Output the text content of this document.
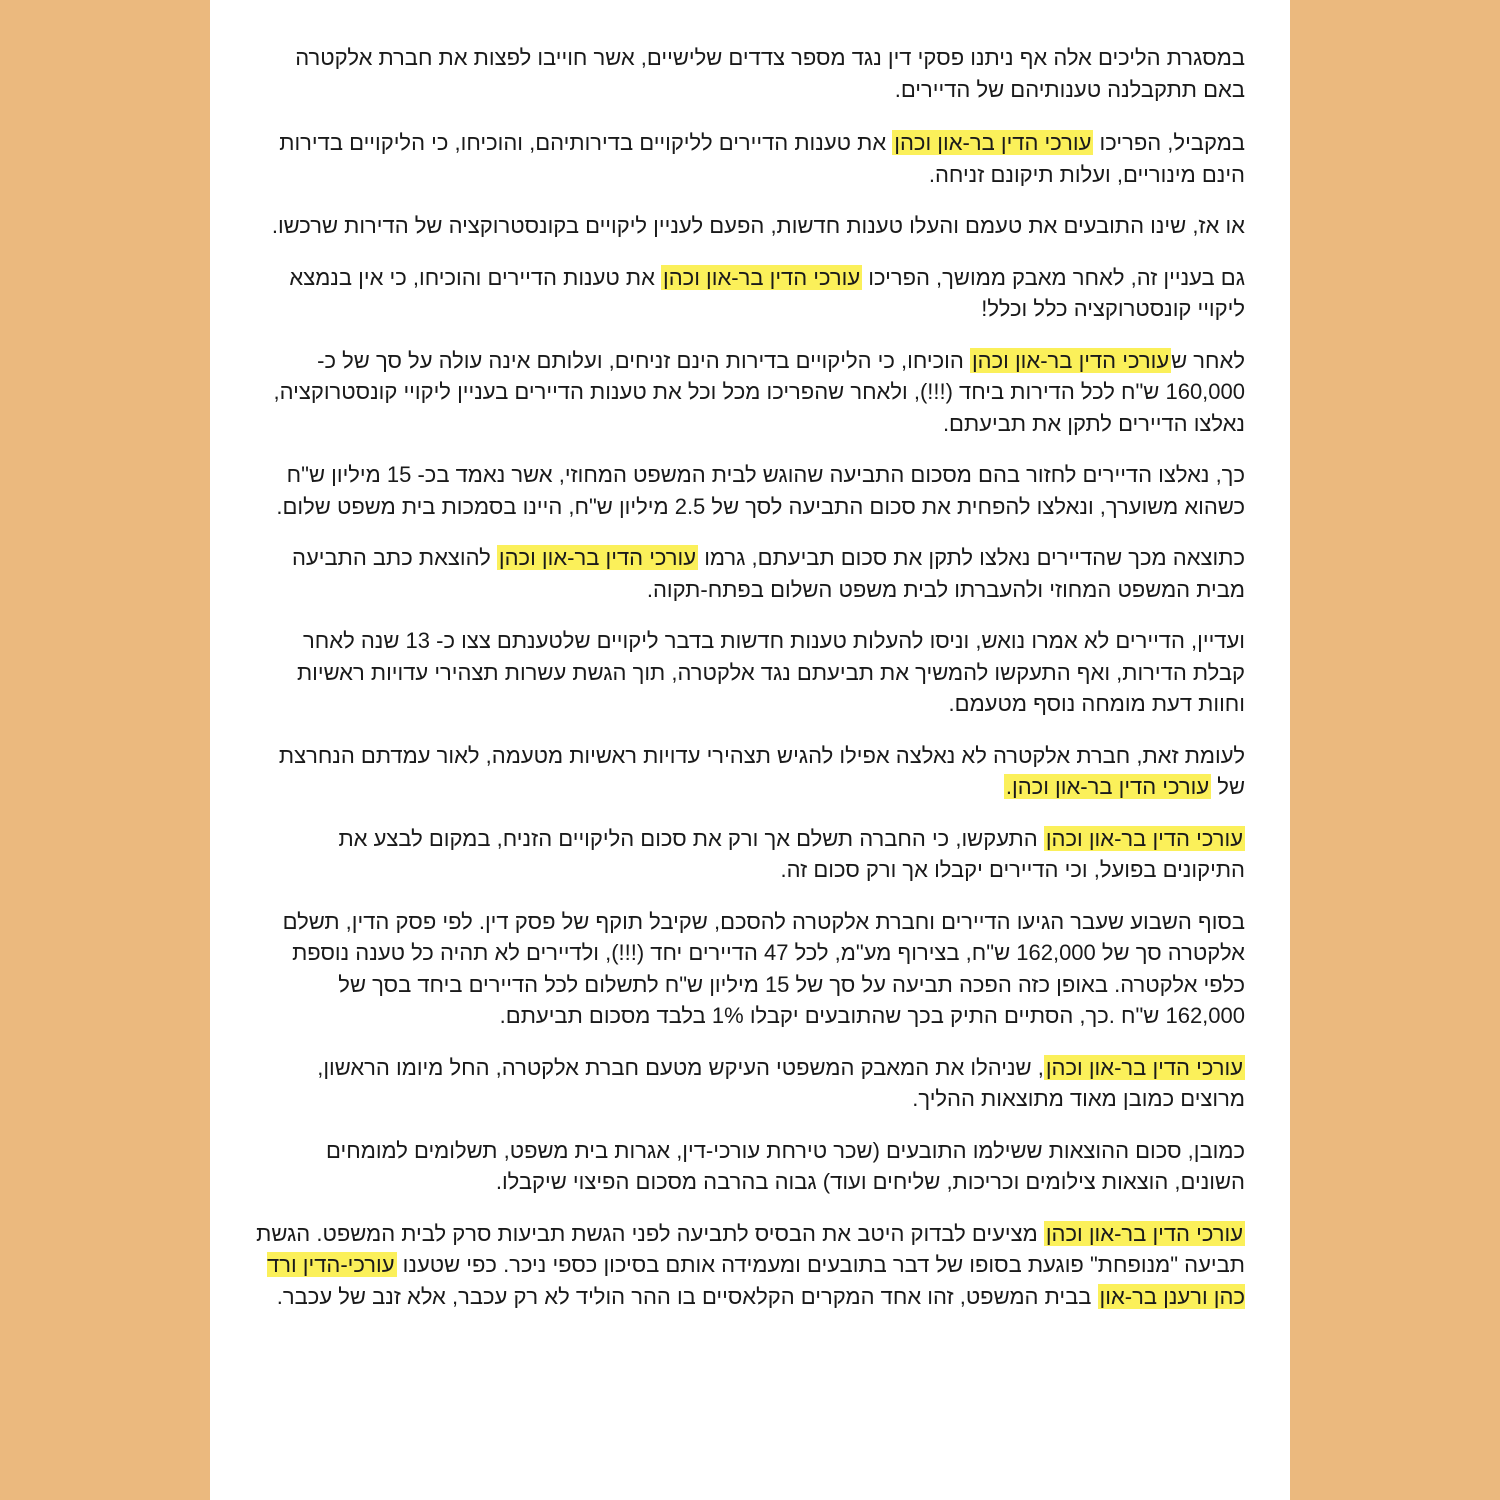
במסגרת הליכים אלה אף ניתנו פסקי דין נגד מספר צדדים שלישיים, אשר חוייבו לפצות את חברת אלקטרה באם תתקבלנה טענותיהם של הדיירים.

במקביל, הפריכו עורכי הדין בר-און וכהן את טענות הדיירים לליקויים בדירותיהם, והוכיחו, כי הליקויים בדירות הינם מינוריים, ועלות תיקונם זניחה.

או אז, שינו התובעים את טעמם והעלו טענות חדשות, הפעם לעניין ליקויים בקונסטרוקציה של הדירות שרכשו.

גם בעניין זה, לאחר מאבק ממושך, הפריכו עורכי הדין בר-און וכהן את טענות הדיירים והוכיחו, כי אין בנמצא ליקויי קונסטרוקציה כלל וכלל!

לאחר שעורכי הדין בר-און וכהן הוכיחו, כי הליקויים בדירות הינם זניחים, ועלותם אינה עולה על סך של כ- 160,000 ש"ח לכל הדירות ביחד (!!!), ולאחר שהפריכו מכל וכל את טענות הדיירים בעניין ליקויי קונסטרוקציה, נאלצו הדיירים לתקן את תביעתם.

כך, נאלצו הדיירים לחזור בהם מסכום התביעה שהוגש לבית המשפט המחוזי, אשר נאמד בכ- 15 מיליון ש"ח כשהוא משוערך, ונאלצו להפחית את סכום התביעה לסך של 2.5 מיליון ש"ח, היינו בסמכות בית משפט שלום.

כתוצאה מכך שהדיירים נאלצו לתקן את סכום תביעתם, גרמו עורכי הדין בר-און וכהן להוצאת כתב התביעה מבית המשפט המחוזי ולהעברתו לבית משפט השלום בפתח-תקוה.

ועדיין, הדיירים לא אמרו נואש, וניסו להעלות טענות חדשות בדבר ליקויים שלטענתם צצו כ- 13 שנה לאחר קבלת הדירות, ואף התעקשו להמשיך את תביעתם נגד אלקטרה, תוך הגשת עשרות תצהירי עדויות ראשיות וחוות דעת מומחה נוסף מטעמם.

לעומת זאת, חברת אלקטרה לא נאלצה אפילו להגיש תצהירי עדויות ראשיות מטעמה, לאור עמדתם הנחרצת של עורכי הדין בר-און וכהן.

עורכי הדין בר-און וכהן התעקשו, כי החברה תשלם אך ורק את סכום הליקויים הזניח, במקום לבצע את התיקונים בפועל, וכי הדיירים יקבלו אך ורק סכום זה.

בסוף השבוע שעבר הגיעו הדיירים וחברת אלקטרה להסכם, שקיבל תוקף של פסק דין. לפי פסק הדין, תשלם אלקטרה סך של 162,000 ש"ח, בצירוף מע"מ, לכל 47 הדיירים יחד (!!!), ולדיירים לא תהיה כל טענה נוספת כלפי אלקטרה. באופן כזה הפכה תביעה על סך של 15 מיליון ש"ח לתשלום לכל הדיירים ביחד בסך של 162,000 ש"ח .כך, הסתיים התיק בכך שהתובעים יקבלו 1% בלבד מסכום תביעתם.

עורכי הדין בר-און וכהן, שניהלו את המאבק המשפטי העיקש מטעם חברת אלקטרה, החל מיומו הראשון, מרוצים כמובן מאוד מתוצאות ההליך.

כמובן, סכום ההוצאות ששילמו התובעים (שכר טירחת עורכי-דין, אגרות בית משפט, תשלומים למומחים השונים, הוצאות צילומים וכריכות, שליחים ועוד) גבוה בהרבה מסכום הפיצוי שיקבלו.

עורכי הדין בר-און וכהן מציעים לבדוק היטב את הבסיס לתביעה לפני הגשת תביעות סרק לבית המשפט. הגשת תביעה "מנופחת" פוגעת בסופו של דבר בתובעים ומעמידה אותם בסיכון כספי ניכר. כפי שטענו עורכי-הדין ורד כהן ורענן בר-און בבית המשפט, זהו אחד המקרים הקלאסיים בו ההר הוליד לא רק עכבר, אלא זנב של עכבר.
